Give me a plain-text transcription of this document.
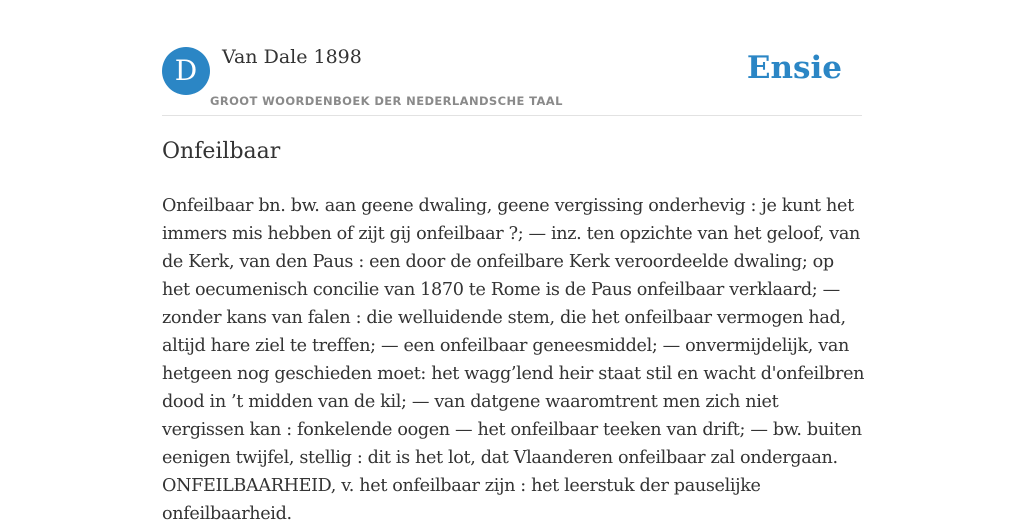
D	Van Dale 1898
GROOT WOORDENBOEK DER NEDERLANDSCHE TAAL
Ensie
Onfeilbaar
Onfeilbaar bn. bw. aan geene dwaling, geene vergissing onderhevig : je kunt het
immers mis hebben of zijt gij onfeilbaar ?; — inz. ten opzichte van het geloof, van
de Kerk, van den Paus : een door de onfeilbare Kerk veroordeelde dwaling; op
het oecumenisch concilie van 1870 te Rome is de Paus onfeilbaar verklaard; —
zonder kans van falen : die welluidende stem, die het onfeilbaar vermogen had,
altijd hare ziel te treffen; — een onfeilbaar geneesmiddel; — onvermijdelijk, van
hetgeen nog geschieden moet: het wagg’lend heir staat stil en wacht d'onfeilbren
dood in ’t midden van de kil; — van datgene waaromtrent men zich niet
vergissen kan : fonkelende oogen — het onfeilbaar teeken van drift; — bw. buiten
eenigen twijfel, stellig : dit is het lot, dat Vlaanderen onfeilbaar zal ondergaan.
ONFEILBAARHEID, v. het onfeilbaar zijn : het leerstuk der pauselijke
onfeilbaarheid.
